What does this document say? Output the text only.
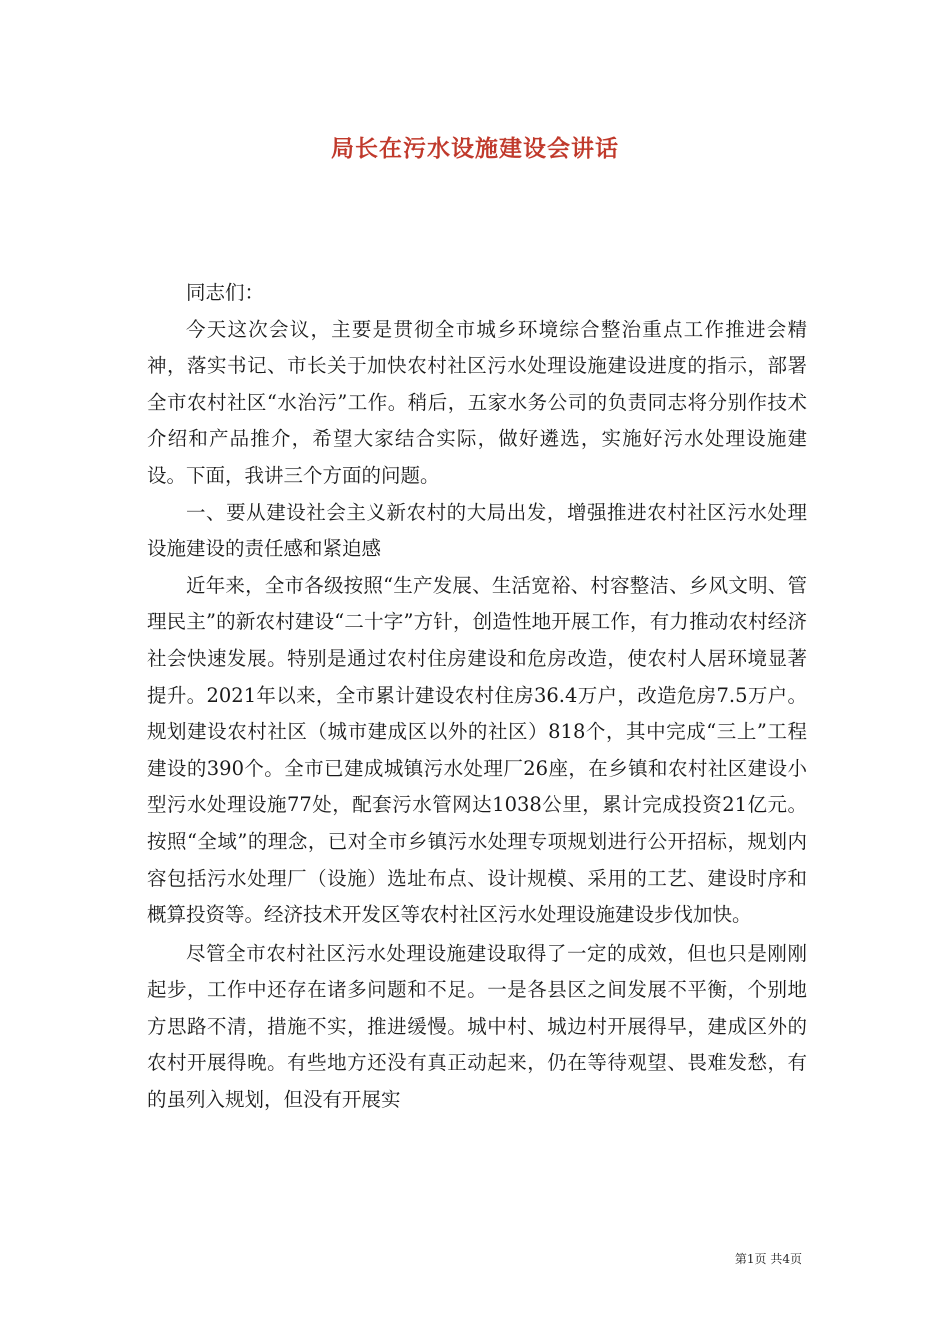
局长在污水设施建设会讲话

同志们：

今天这次会议，主要是贯彻全市城乡环境综合整治重点工作推进会精神，落实书记、市长关于加快农村社区污水处理设施建设进度的指示，部署全市农村社区“水治污”工作。稍后，五家水务公司的负责同志将分别作技术介绍和产品推介，希望大家结合实际，做好遴选，实施好污水处理设施建设。下面，我讲三个方面的问题。

一、要从建设社会主义新农村的大局出发，增强推进农村社区污水处理设施建设的责任感和紧迫感

近年来，全市各级按照“生产发展、生活宽裕、村容整洁、乡风文明、管理民主”的新农村建设“二十字”方针，创造性地开展工作，有力推动农村经济社会快速发展。特别是通过农村住房建设和危房改造，使农村人居环境显著提升。2021年以来，全市累计建设农村住房36.4万户，改造危房7.5万户。规划建设农村社区（城市建成区以外的社区）818个，其中完成“三上”工程建设的390个。全市已建成城镇污水处理厂26座，在乡镇和农村社区建设小型污水处理设施77处，配套污水管网达1038公里，累计完成投资21亿元。按照“全域”的理念，已对全市乡镇污水处理专项规划进行公开招标，规划内容包括污水处理厂（设施）选址布点、设计规模、采用的工艺、建设时序和概算投资等。经济技术开发区等农村社区污水处理设施建设步伐加快。

尽管全市农村社区污水处理设施建设取得了一定的成效，但也只是刚刚起步，工作中还存在诸多问题和不足。一是各县区之间发展不平衡，个别地方思路不清，措施不实，推进缓慢。城中村、城边村开展得早，建成区外的农村开展得晚。有些地方还没有真正动起来，仍在等待观望、畏难发愁，有的虽列入规划，但没有开展实

第1页 共4页
